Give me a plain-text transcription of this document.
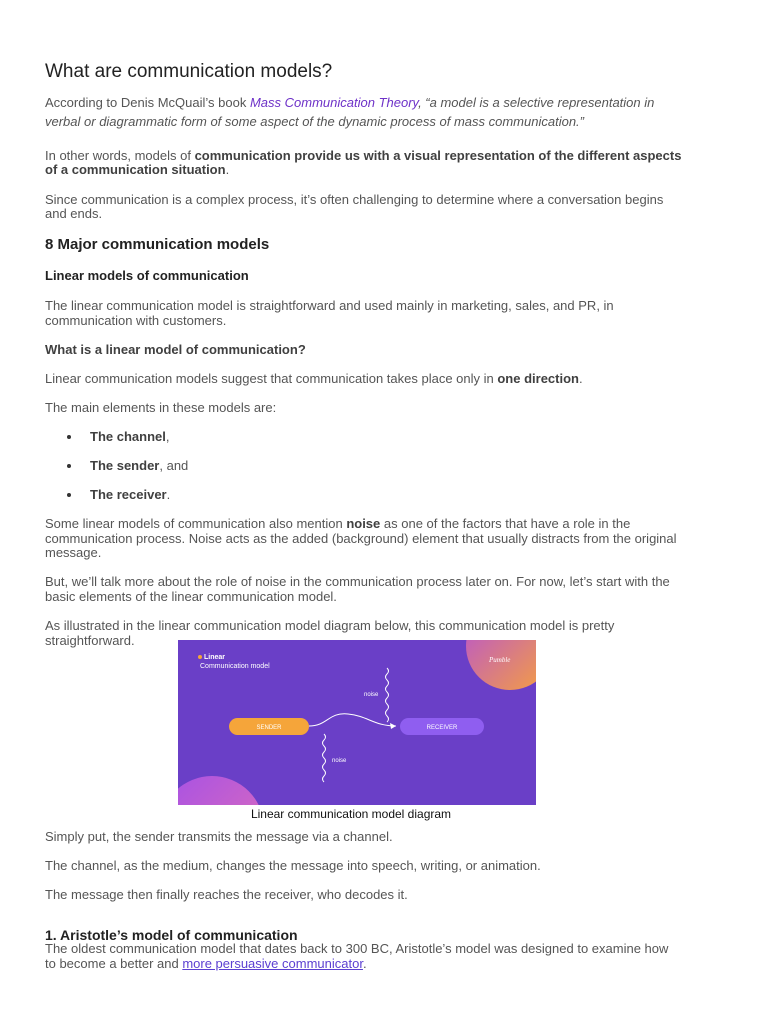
What are communication models?

According to Denis McQuail’s book Mass Communication Theory, “a model is a selective representation in

verbal or diagrammatic form of some aspect of the dynamic process of mass communication.”

In other words, models of communication provide us with a visual representation of the different aspects

of a communication situation.

Since communication is a complex process, it’s often challenging to determine where a conversation begins

and ends.

8 Major communication models
Linear models of communication

The linear communication model is straightforward and used mainly in marketing, sales, and PR, in

communication with customers.

What is a linear model of communication?

Linear communication models suggest that communication takes place only in one direction.

The main elements in these models are:

The channel,
The sender, and
The receiver.

Some linear models of communication also mention noise as one of the factors that have a role in the

communication process. Noise acts as the added (background) element that usually distracts from the original

message.

But, we’ll talk more about the role of noise in the communication process later on. For now, let’s start with the

basic elements of the linear communication model.

As illustrated in the linear communication model diagram below, this communication model is pretty

straightforward.

Linear
Communication model
Pumble
noise
noise
SENDER	RECEIVER
Linear communication model diagram

Simply put, the sender transmits the message via a channel.

The channel, as the medium, changes the message into speech, writing, or animation.

The message then finally reaches the receiver, who decodes it.

1. Aristotle’s model of communication

The oldest communication model that dates back to 300 BC, Aristotle’s model was designed to examine how

to become a better and more persuasive communicator.
